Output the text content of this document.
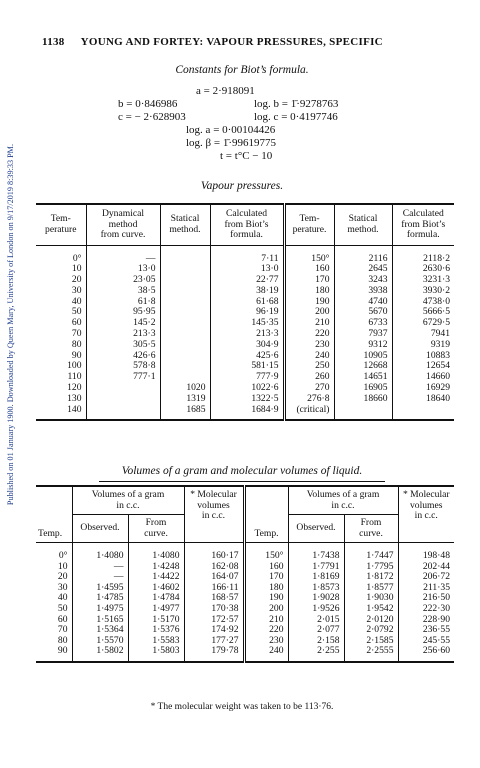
Published on 01 January 1900. Downloaded by Queen Mary, University of London on 9/17/2019 8:39:33 PM.
1138 YOUNG AND FORTEY: VAPOUR PRESSURES, SPECIFIC
Constants for Biot’s formula.
a = 2·918091
b = 0·846986	log. b = 1̄·9278763
c = − 2·628903	log. c = 0·4197746
log. a = 0·00104426
log. β = 1̄·99619775
t = t°C − 10
Vapour pressures.
Tem-
perature	Dynamical
method
from curve.	Statical
method.	Calculated
from Biot’s
formula.	Tem-
perature.	Statical
method.	Calculated
from Biot’s
formula.
0°	—		7·11	150°	2116	2118·2
10	13·0		13·0	160	2645	2630·6
20	23·05		22·77	170	3243	3231·3
30	38·5		38·19	180	3938	3930·2
40	61·8		61·68	190	4740	4738·0
50	95·95		96·19	200	5670	5666·5
60	145·2		145·35	210	6733	6729·5
70	213·3		213·3	220	7937	7941
80	305·5		304·9	230	9312	9319
90	426·6		425·6	240	10905	10883
100	578·8		581·15	250	12668	12654
110	777·1		777·9	260	14651	14660
120		1020	1022·6	270	16905	16929
130		1319	1322·5	276·8	18660	18640
140		1685	1684·9	(critical)		
Volumes of a gram and molecular volumes of liquid.
Temp.	Volumes of a gram
in c.c.		* Molecular
volumes
in c.c.	Temp.	Volumes of a gram
in c.c.		* Molecular
volumes
in c.c.
	Observed.	From
curve.			Observed.	From
curve.	
0°	1·4080	1·4080	160·17	150°	1·7438	1·7447	198·48
10	—	1·4248	162·08	160	1·7791	1·7795	202·44
20	—	1·4422	164·07	170	1·8169	1·8172	206·72
30	1·4595	1·4602	166·11	180	1·8573	1·8577	211·35
40	1·4785	1·4784	168·57	190	1·9028	1·9030	216·50
50	1·4975	1·4977	170·38	200	1·9526	1·9542	222·30
60	1·5165	1·5170	172·57	210	2·015	2·0120	228·90
70	1·5364	1·5376	174·92	220	2·077	2·0792	236·55
80	1·5570	1·5583	177·27	230	2·158	2·1585	245·55
90	1·5802	1·5803	179·78	240	2·255	2·2555	256·60
* The molecular weight was taken to be 113·76.
